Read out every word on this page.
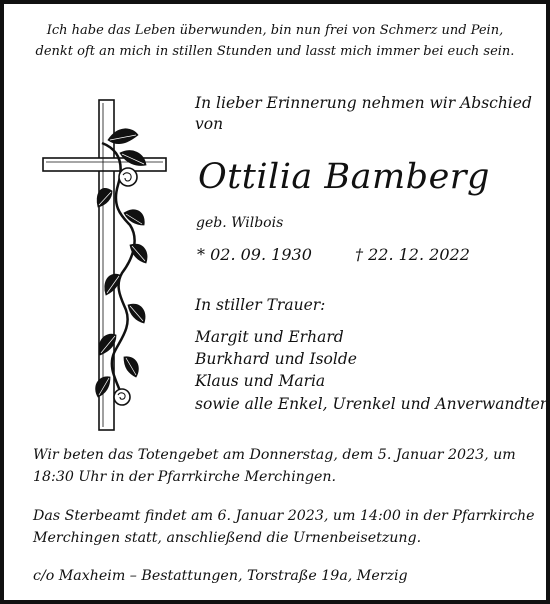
Ich habe das Leben überwunden, bin nun frei von Schmerz und Pein,
denkt oft an mich in stillen Stunden und lasst mich immer bei euch sein.
In lieber Erinnerung nehmen wir Abschied
von
Ottilia Bamberg
geb. Wilbois
* 02. 09. 1930	† 22. 12. 2022
In stiller Trauer:
Margit und Erhard
Burkhard und Isolde
Klaus und Maria
sowie alle Enkel, Urenkel und Anverwandten
Wir beten das Totengebet am Donnerstag, dem 5. Januar 2023, um
18:30 Uhr in der Pfarrkirche Merchingen.
Das Sterbeamt findet am 6. Januar 2023, um 14:00 in der Pfarrkirche
Merchingen statt, anschließend die Urnenbeisetzung.
c/o Maxheim – Bestattungen, Torstraße 19a, Merzig
